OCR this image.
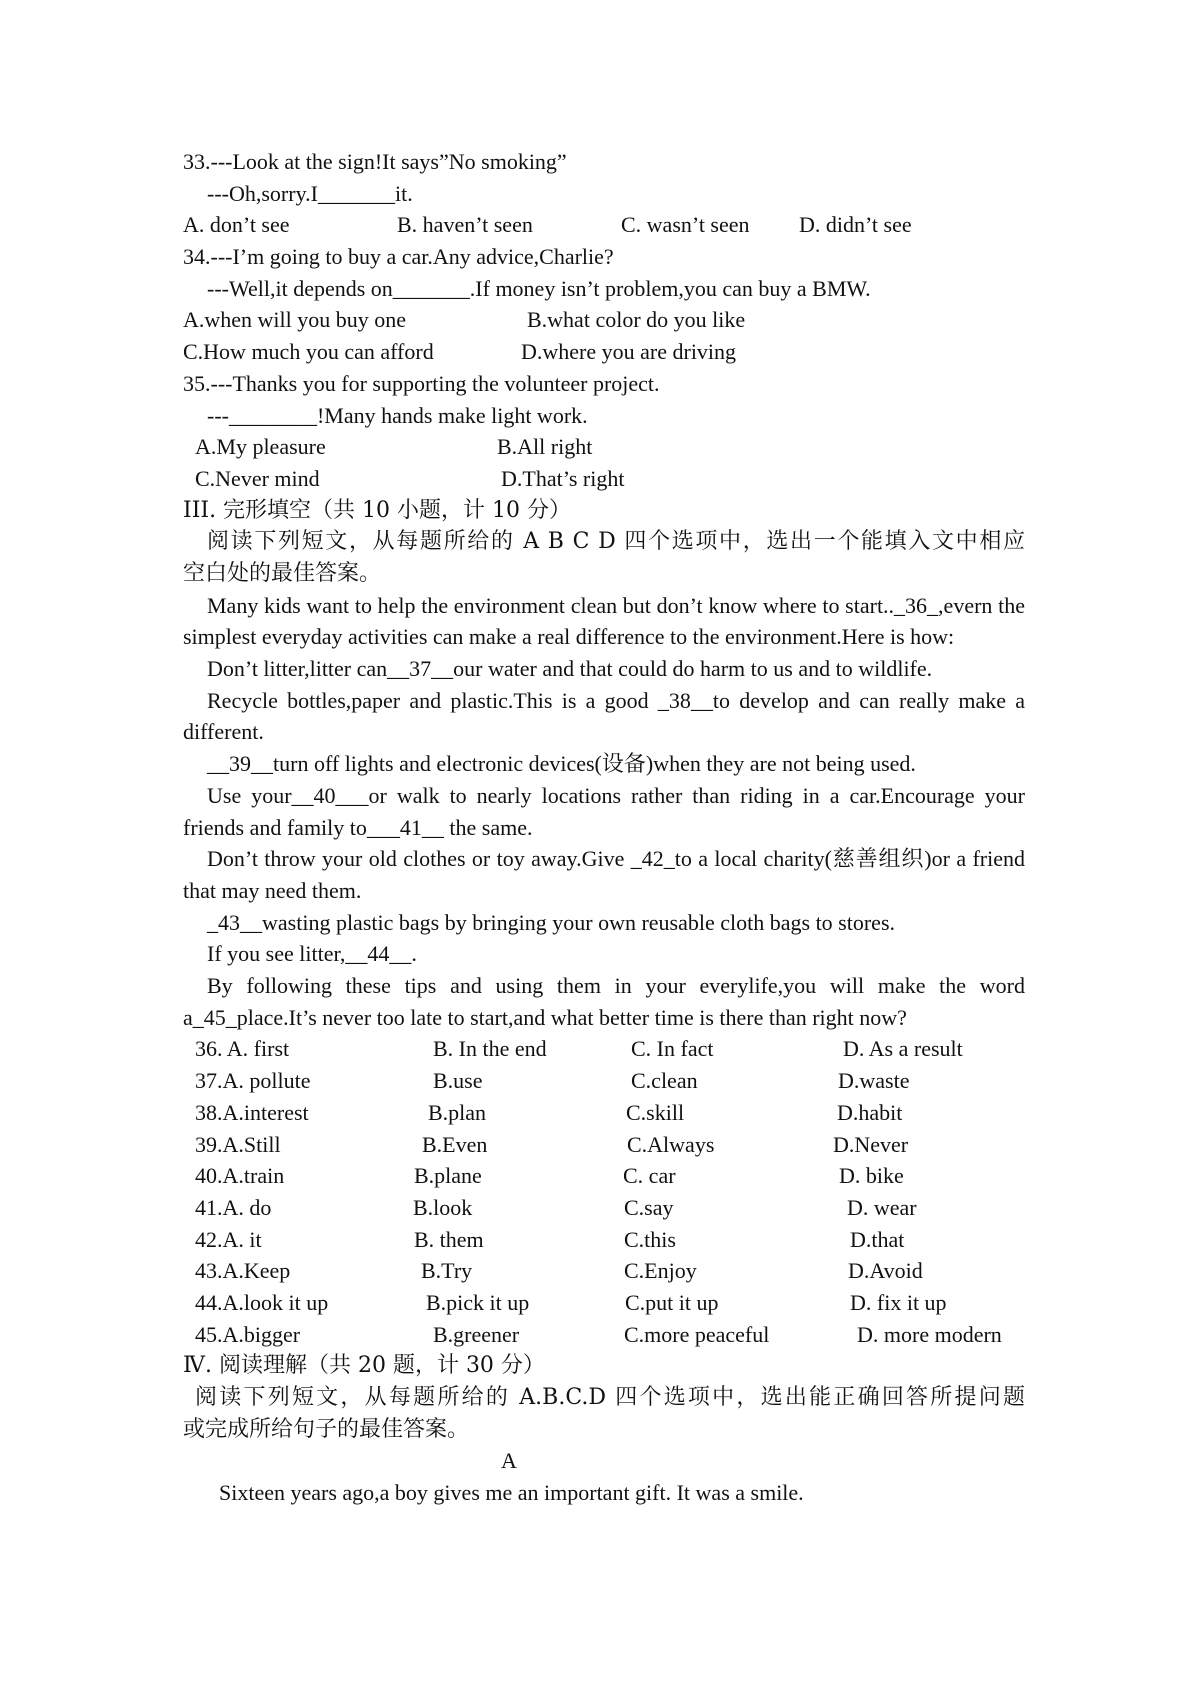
33.---Look at the sign!It says”No smoking”
---Oh,sorry.I_______it.

A. don’t see

	B. haven’t seen

	C. wasn’t seen

D. didn’t see

34.---I’m going to buy a car.Any advice,Charlie?
---Well,it depends on_______.If money isn’t problem,you can buy a BMW.

A.when will you buy one

	B.what color do you like

C.How much you can afford

	D.where you are driving

35.---Thanks you for supporting the volunteer project.
---________!Many hands make light work.

A.My pleasure

	B.All right

C.Never mind

	D.That’s right

III. 完形填空（共 10 小题，计 10 分）
阅读下列短文，从每题所给的 A B C D 四个选项中，选出一个能填入文中相应
空白处的最佳答案。
Many kids want to help the environment clean but don’t know where to start.._36_,evern the simplest everyday activities can make a real difference to the environment.Here is how:
Don’t litter,litter can__37__our water and that could do harm to us and to wildlife.
Recycle bottles,paper and plastic.This is a good _38__to develop and can really make a different.
__39__turn off lights and electronic devices(设备)when they are not being used.
Use your__40___or walk to nearly locations rather than riding in a car.Encourage your friends and family to___41__ the same.
Don’t throw your old clothes or toy away.Give _42_to a local charity(慈善组织)or a friend that may need them.
_43__wasting plastic bags by bringing your own reusable cloth bags to stores.
If you see litter,__44__.
By following these tips and using them in your everylife,you will make the word a_45_place.It’s never too late to start,and what better time is there than right now?

36. A. first

	B. In the end

	C. In fact

	D. As a result

37.A. pollute

	B.use

	C.clean

	D.waste

38.A.interest

	B.plan

	C.skill

	D.habit

39.A.Still

	B.Even

	C.Always

	D.Never

40.A.train

	B.plane

	C. car

	D. bike

41.A. do

	B.look

	C.say

	D. wear

42.A. it

	B. them

	C.this

	D.that

43.A.Keep

	B.Try

	C.Enjoy

	D.Avoid

44.A.look it up

	B.pick it up

	C.put it up

	D. fix it up

45.A.bigger

	B.greener

	C.more peaceful

	D. more modern

Ⅳ. 阅读理解（共 20 题，计 30 分）
阅读下列短文，从每题所给的 A.B.C.D 四个选项中，选出能正确回答所提问题
或完成所给句子的最佳答案。
A
Sixteen years ago,a boy gives me an important gift. It was a smile.
